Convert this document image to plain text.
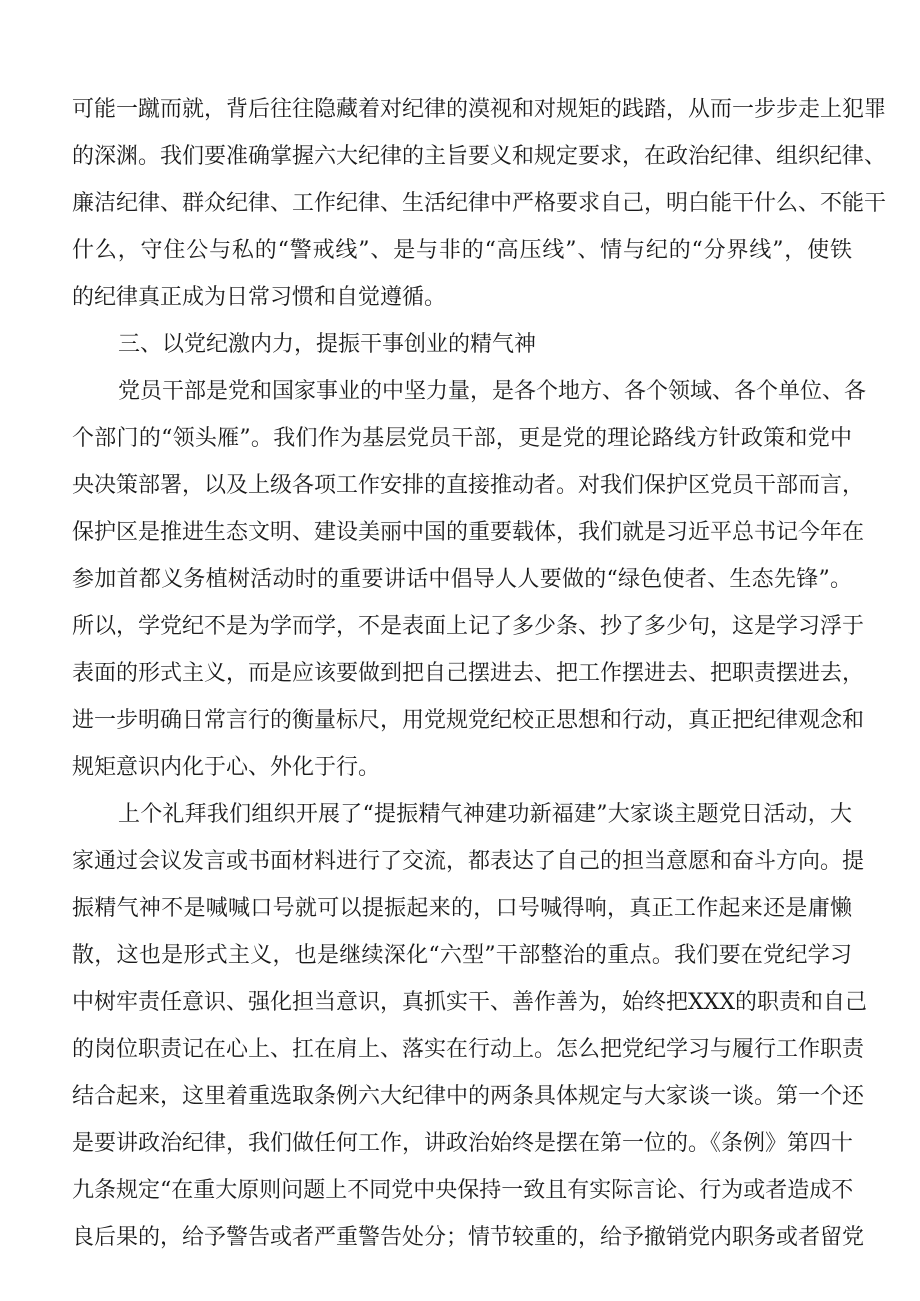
可能一蹴而就，背后往往隐藏着对纪律的漠视和对规矩的践踏，从而一步步走上犯罪
的深渊。我们要准确掌握六大纪律的主旨要义和规定要求，在政治纪律、组织纪律、
廉洁纪律、群众纪律、工作纪律、生活纪律中严格要求自己，明白能干什么、不能干
什么，守住公与私的“警戒线”、是与非的“高压线”、情与纪的“分界线”，使铁
的纪律真正成为日常习惯和自觉遵循。
三、以党纪激内力，提振干事创业的精气神
党员干部是党和国家事业的中坚力量，是各个地方、各个领域、各个单位、各
个部门的“领头雁”。我们作为基层党员干部，更是党的理论路线方针政策和党中
央决策部署，以及上级各项工作安排的直接推动者。对我们保护区党员干部而言，
保护区是推进生态文明、建设美丽中国的重要载体，我们就是习近平总书记今年在
参加首都义务植树活动时的重要讲话中倡导人人要做的“绿色使者、生态先锋”。
所以，学党纪不是为学而学，不是表面上记了多少条、抄了多少句，这是学习浮于
表面的形式主义，而是应该要做到把自己摆进去、把工作摆进去、把职责摆进去，
进一步明确日常言行的衡量标尺，用党规党纪校正思想和行动，真正把纪律观念和
规矩意识内化于心、外化于行。
上个礼拜我们组织开展了“提振精气神建功新福建”大家谈主题党日活动，大
家通过会议发言或书面材料进行了交流，都表达了自己的担当意愿和奋斗方向。提
振精气神不是喊喊口号就可以提振起来的，口号喊得响，真正工作起来还是庸懒
散，这也是形式主义，也是继续深化“六型”干部整治的重点。我们要在党纪学习
中树牢责任意识、强化担当意识，真抓实干、善作善为，始终把XXX的职责和自己
的岗位职责记在心上、扛在肩上、落实在行动上。怎么把党纪学习与履行工作职责
结合起来，这里着重选取条例六大纪律中的两条具体规定与大家谈一谈。第一个还
是要讲政治纪律，我们做任何工作，讲政治始终是摆在第一位的。《条例》第四十
九条规定“在重大原则问题上不同党中央保持一致且有实际言论、行为或者造成不
良后果的，给予警告或者严重警告处分；情节较重的，给予撤销党内职务或者留党
